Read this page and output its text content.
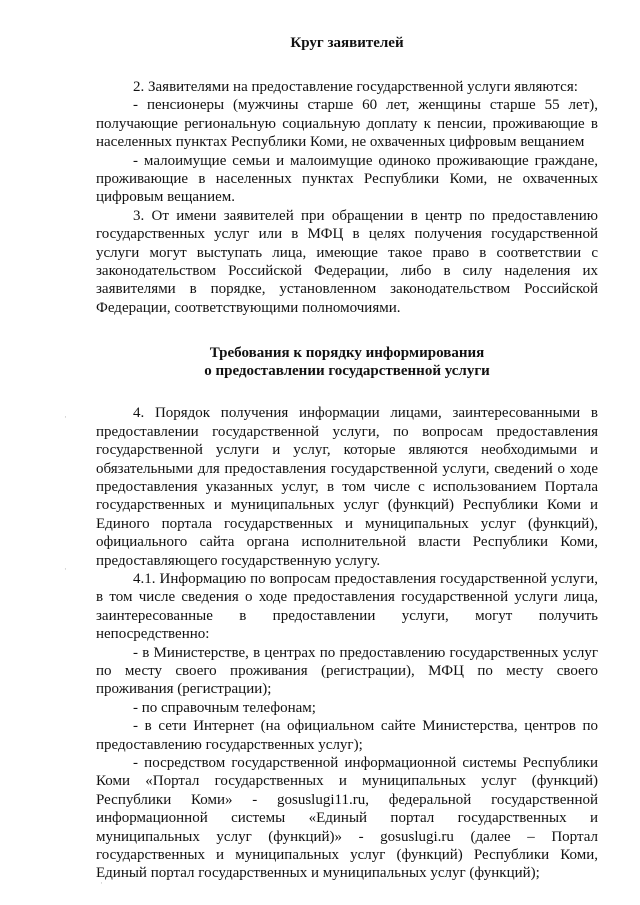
·
·
·
Круг заявителей

2. Заявителями на предоставление государственной услуги являются:

- пенсионеры (мужчины старше 60 лет, женщины старше 55 лет), получающие региональную социальную доплату к пенсии, проживающие в населенных пунктах Республики Коми, не охваченных цифровым вещанием

- малоимущие семьи и малоимущие одиноко проживающие граждане, проживающие в населенных пунктах Республики Коми, не охваченных цифровым вещанием.

3. От имени заявителей при обращении в центр по предоставлению государственных услуг или в МФЦ в целях получения государственной услуги могут выступать лица, имеющие такое право в соответствии с законодательством Российской Федерации, либо в силу наделения их заявителями в порядке, установленном законодательством Российской Федерации, соответствующими полномочиями.

Требования к порядку информирования
о предоставлении государственной услуги

4. Порядок получения информации лицами, заинтересованными в предоставлении государственной услуги, по вопросам предоставления государственной услуги и услуг, которые являются необходимыми и обязательными для предоставления государственной услуги, сведений о ходе предоставления указанных услуг, в том числе с использованием Портала государственных и муниципальных услуг (функций) Республики Коми и Единого портала государственных и муниципальных услуг (функций), официального сайта органа исполнительной власти Республики Коми, предоставляющего государственную услугу.

4.1. Информацию по вопросам предоставления государственной услуги, в том числе сведения о ходе предоставления государственной услуги лица, заинтересованные в предоставлении услуги, могут получить непосредственно:

- в Министерстве, в центрах по предоставлению государственных услуг по месту своего проживания (регистрации), МФЦ по месту своего проживания (регистрации);

- по справочным телефонам;

- в сети Интернет (на официальном сайте Министерства, центров по предоставлению государственных услуг);

- посредством государственной информационной системы Республики Коми «Портал государственных и муниципальных услуг (функций) Республики Коми» - gosuslugi11.ru, федеральной государственной информационной системы «Единый портал государственных и муниципальных услуг (функций)» - gosuslugi.ru (далее – Портал государственных и муниципальных услуг (функций) Республики Коми, Единый портал государственных и муниципальных услуг (функций);
